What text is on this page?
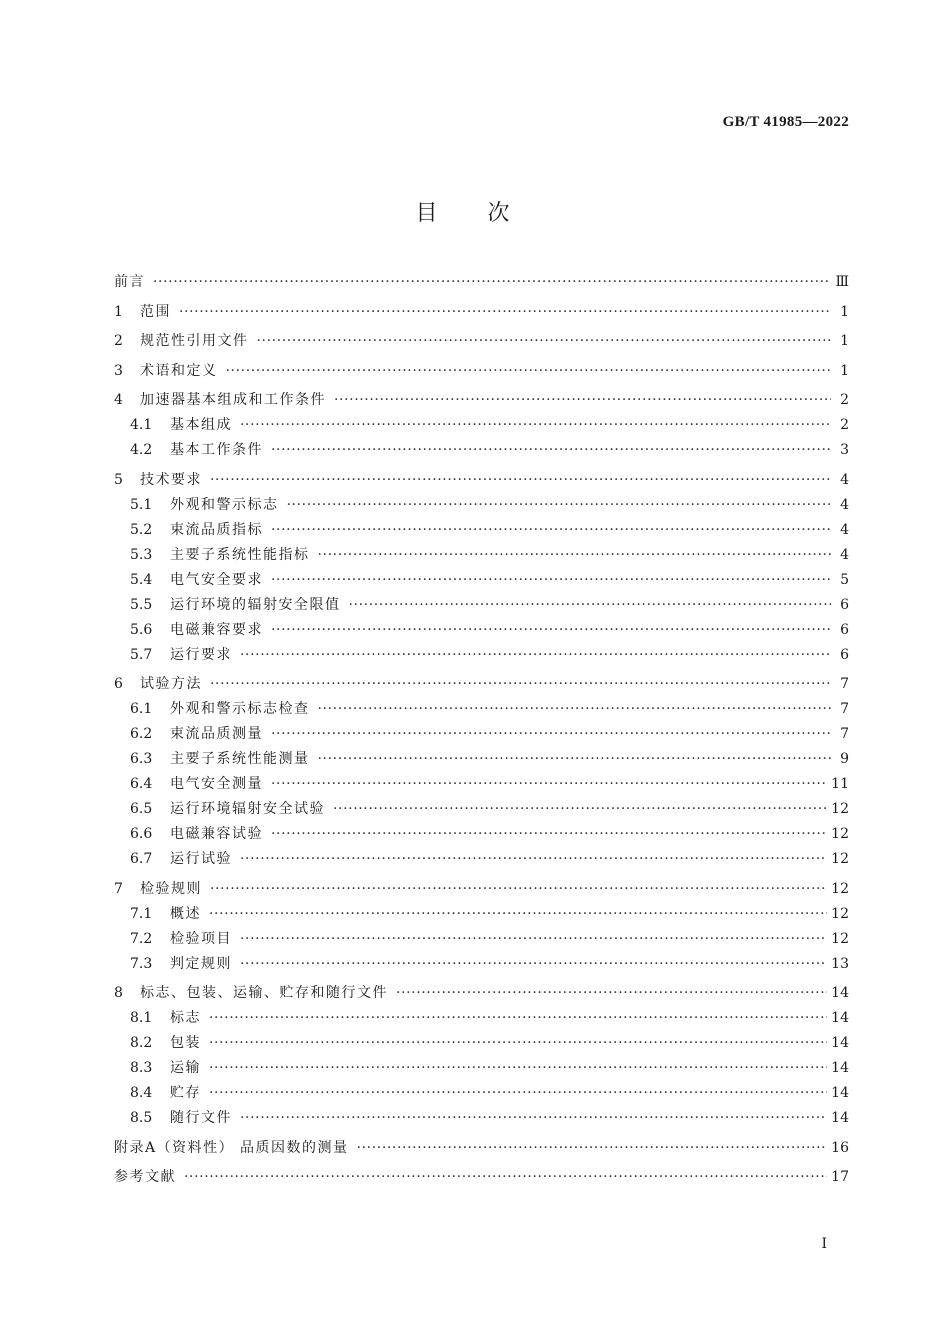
GB/T 41985—2022
目次
前言 ·····	Ⅲ
1	范围 ·····	1
2	规范性引用文件 ·····	1
3	术语和定义 ·····	1
4	加速器基本组成和工作条件 ·····	2
4.1	基本组成 ·····	2
4.2	基本工作条件 ·····	3
5	技术要求 ·····	4
5.1	外观和警示标志 ·····	4
5.2	束流品质指标 ·····	4
5.3	主要子系统性能指标 ·····	4
5.4	电气安全要求 ·····	5
5.5	运行环境的辐射安全限值 ·····	6
5.6	电磁兼容要求 ·····	6
5.7	运行要求 ·····	6
6	试验方法 ·····	7
6.1	外观和警示标志检查 ·····	7
6.2	束流品质测量 ·····	7
6.3	主要子系统性能测量 ·····	9
6.4	电气安全测量 ·····	11
6.5	运行环境辐射安全试验 ·····	12
6.6	电磁兼容试验 ·····	12
6.7	运行试验 ·····	12
7	检验规则 ·····	12
7.1	概述 ·····	12
7.2	检验项目 ·····	12
7.3	判定规则 ·····	13
8	标志、包装、运输、贮存和随行文件 ·····	14
8.1	标志 ·····	14
8.2	包装 ·····	14
8.3	运输 ·····	14
8.4	贮存 ·····	14
8.5	随行文件 ·····	14
附录A（资料性） 品质因数的测量 ·····	16
参考文献 ·····	17
I
